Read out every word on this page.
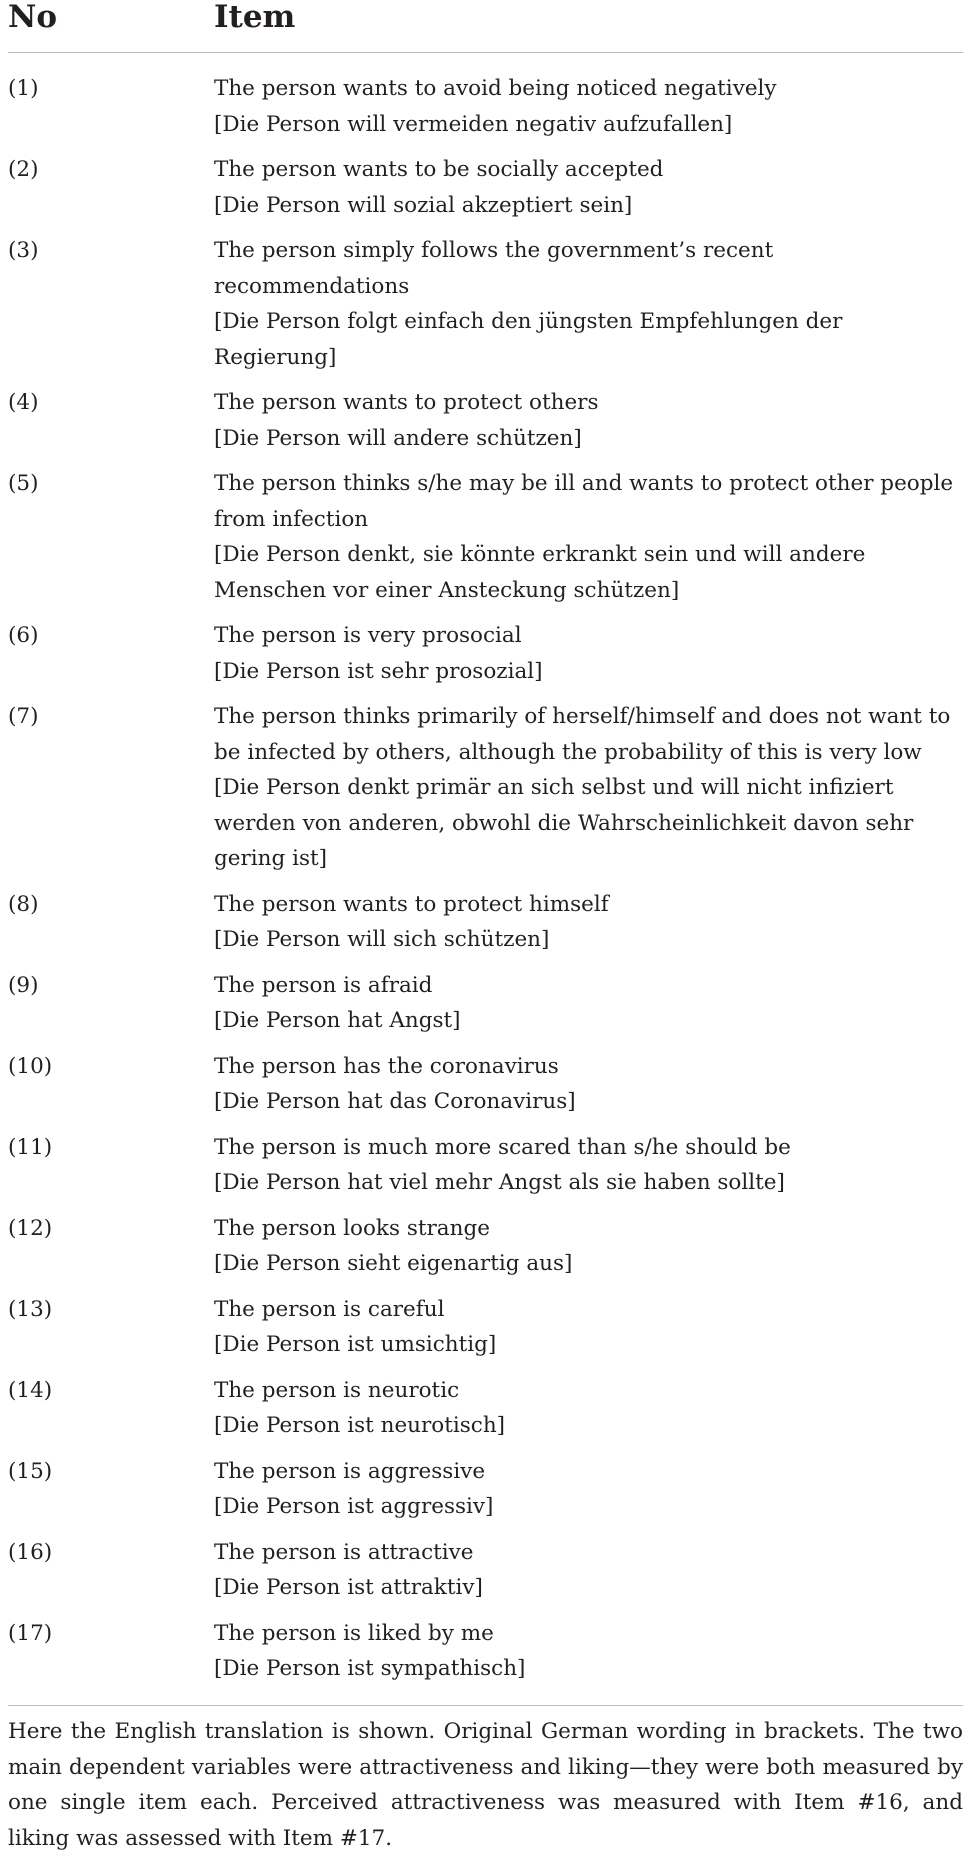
No	Item
(1)	The person wants to avoid being noticed negatively
[Die Person will vermeiden negativ aufzufallen]
(2)	The person wants to be socially accepted
[Die Person will sozial akzeptiert sein]
(3)	The person simply follows the government’s recent recommendations
[Die Person folgt einfach den jüngsten Empfehlungen der Regierung]
(4)	The person wants to protect others
[Die Person will andere schützen]
(5)	The person thinks s/he may be ill and wants to protect other people from infection
[Die Person denkt, sie könnte erkrankt sein und will andere Menschen vor einer Ansteckung schützen]
(6)	The person is very prosocial
[Die Person ist sehr prosozial]
(7)	The person thinks primarily of herself/himself and does not want to be infected by others, although the probability of this is very low
[Die Person denkt primär an sich selbst und will nicht infiziert werden von anderen, obwohl die Wahrscheinlichkeit davon sehr gering ist]
(8)	The person wants to protect himself
[Die Person will sich schützen]
(9)	The person is afraid
[Die Person hat Angst]
(10)	The person has the coronavirus
[Die Person hat das Coronavirus]
(11)	The person is much more scared than s/he should be
[Die Person hat viel mehr Angst als sie haben sollte]
(12)	The person looks strange
[Die Person sieht eigenartig aus]
(13)	The person is careful
[Die Person ist umsichtig]
(14)	The person is neurotic
[Die Person ist neurotisch]
(15)	The person is aggressive
[Die Person ist aggressiv]
(16)	The person is attractive
[Die Person ist attraktiv]
(17)	The person is liked by me
[Die Person ist sympathisch]
Here the English translation is shown. Original German wording in brackets. The two main dependent variables were attractiveness and liking—they were both measured by one single item each. Perceived attractiveness was measured with Item #16, and liking was assessed with Item #17.
